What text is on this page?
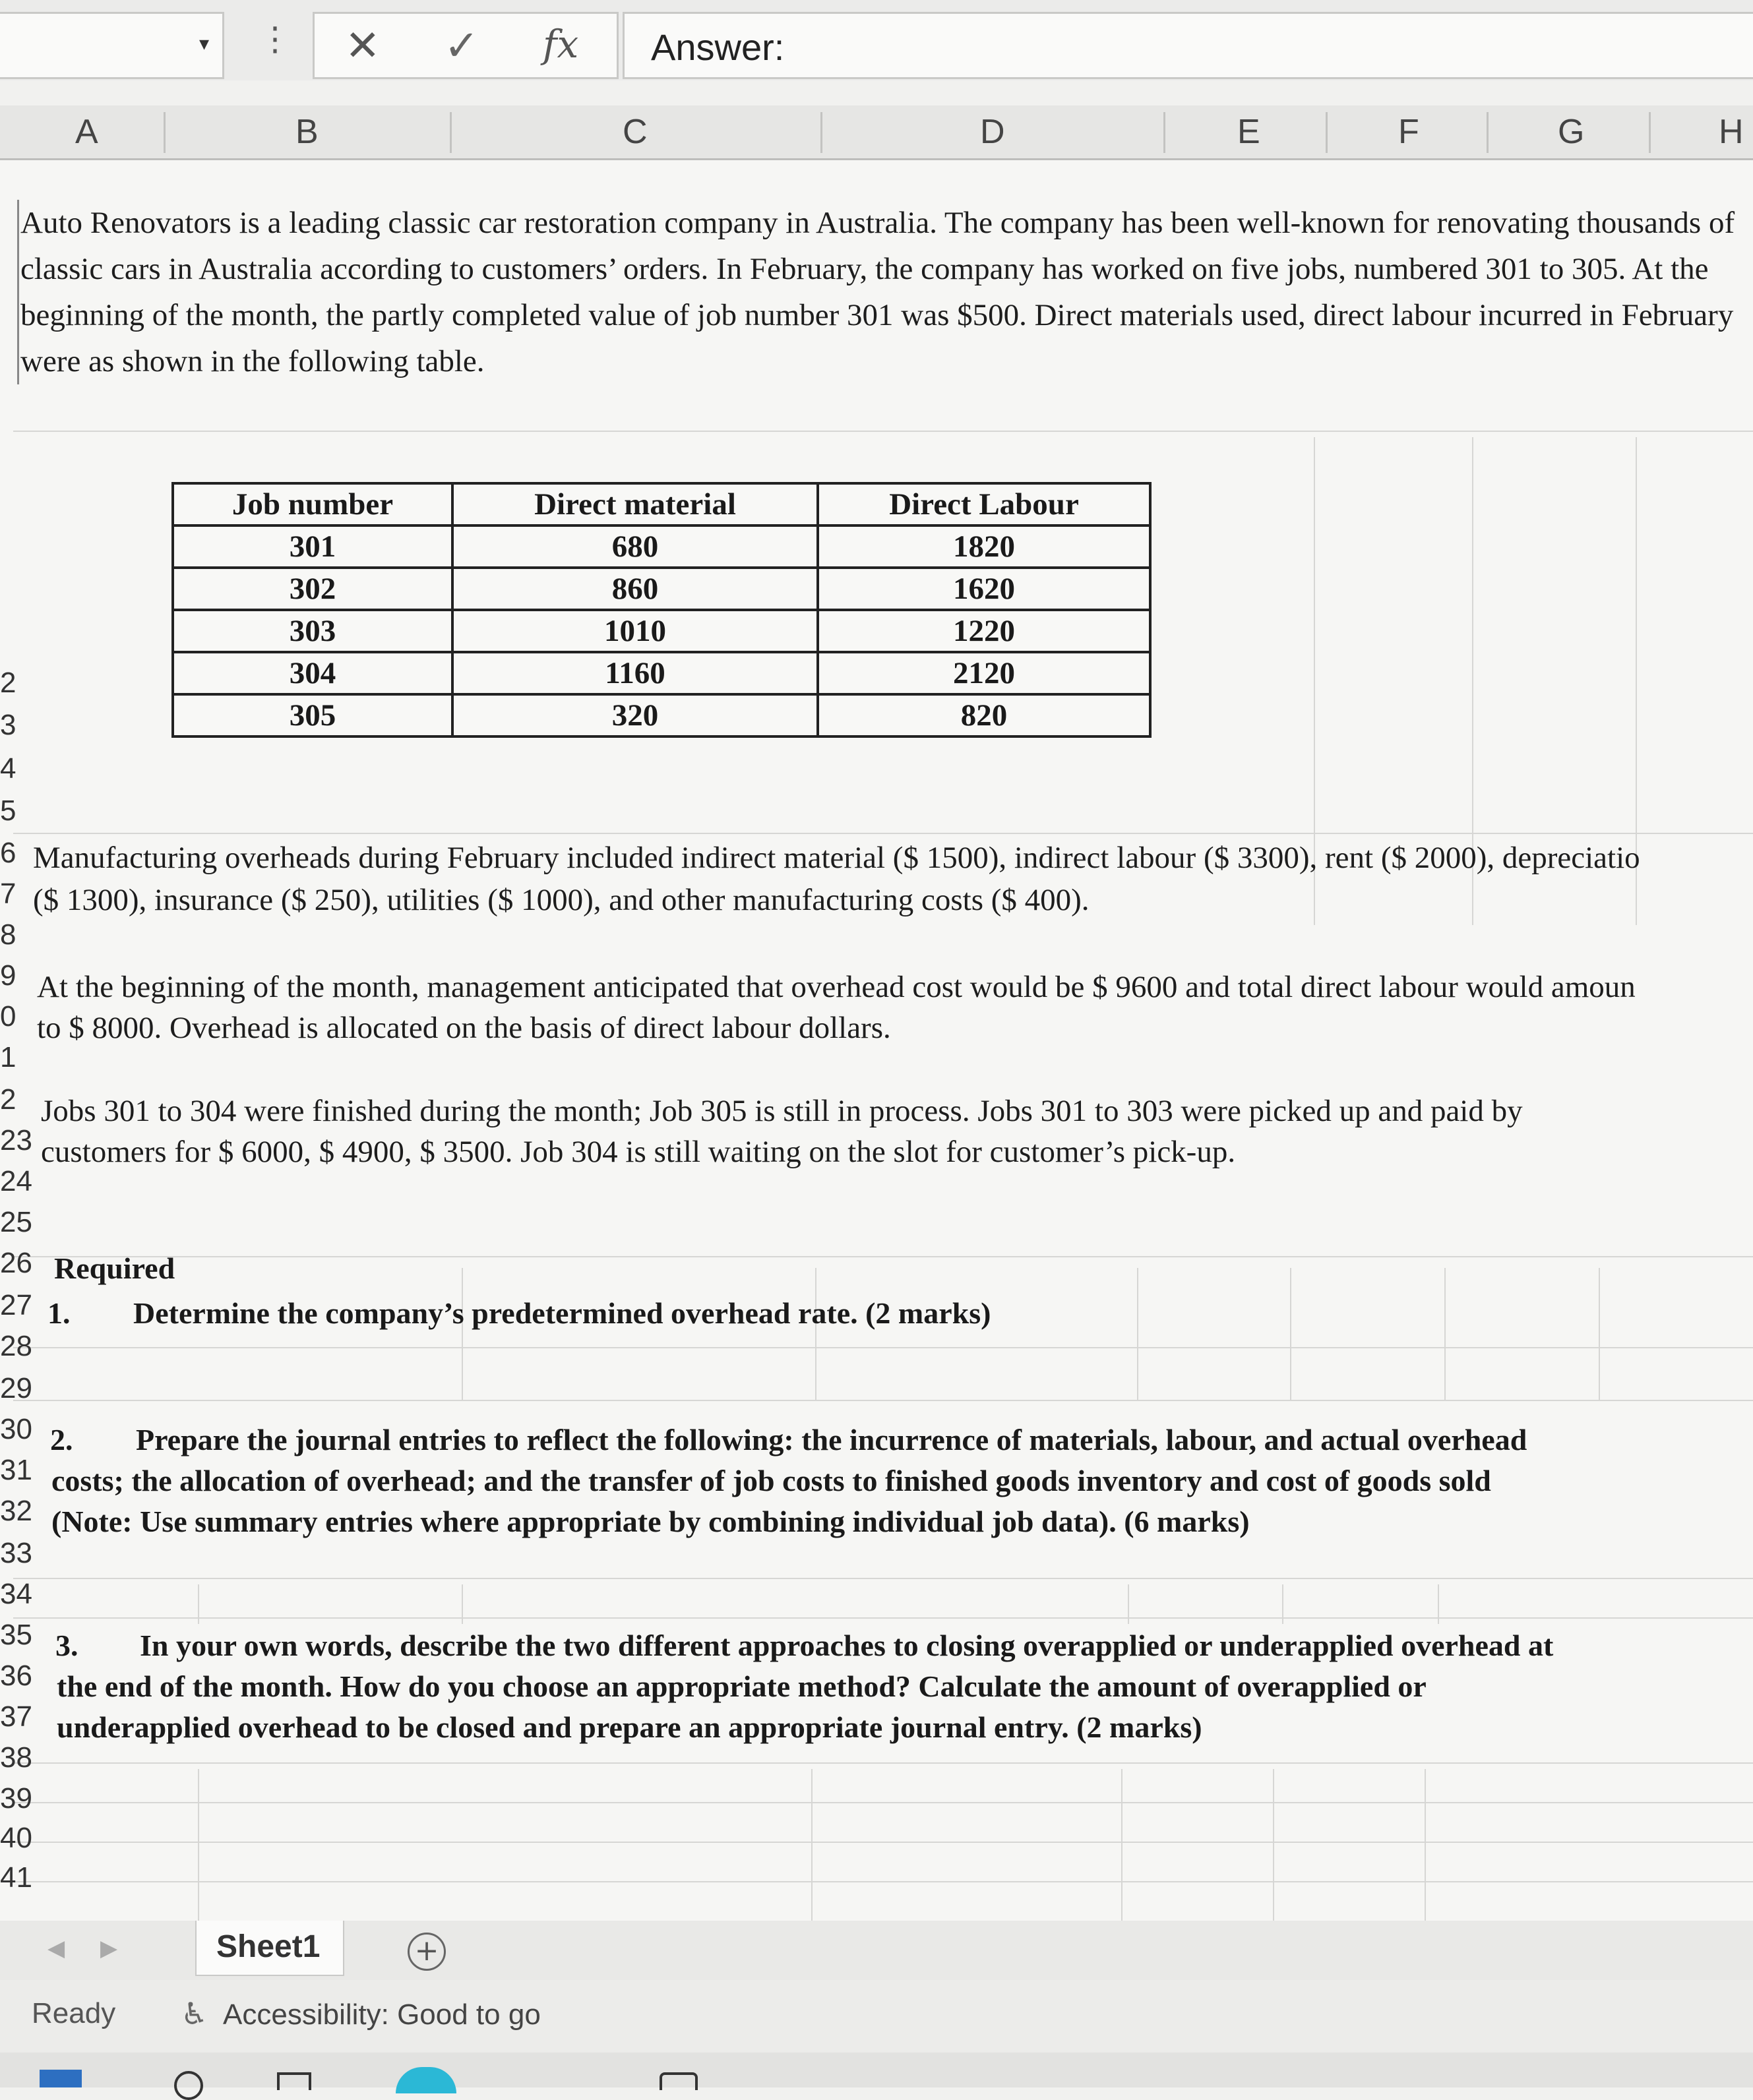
▾ ⋮ ✕ ✓ fx Answer:
A	B	C	D	E	F	G	H
Auto Renovators is a leading classic car restoration company in Australia. The company has been well-known for renovating thousands of classic cars in Australia according to customers’ orders. In February, the company has worked on five jobs, numbered 301 to 305. At the beginning of the month, the partly completed value of job number 301 was $500. Direct materials used, direct labour incurred in February were as shown in the following table.
Job number	Direct material	Direct Labour
301	680	1820
302	860	1620
303	1010	1220
304	1160	2120
305	320	820
2
3
4
5
6
7
8
9
0
1
2
23
24
25
26
27
28
29
30
31
32
33
34
35
36
37
38
39
40
41
Manufacturing overheads during February included indirect material ($ 1500), indirect labour ($ 3300), rent ($ 2000), depreciatio
($ 1300), insurance ($ 250), utilities ($ 1000), and other manufacturing costs ($ 400).
At the beginning of the month, management anticipated that overhead cost would be $ 9600 and total direct labour would amoun
to $ 8000. Overhead is allocated on the basis of direct labour dollars.
Jobs 301 to 304 were finished during the month; Job 305 is still in process. Jobs 301 to 303 were picked up and paid by
customers for $ 6000, $ 4900, $ 3500. Job 304 is still waiting on the slot for customer’s pick-up.
Required
1. Determine the company’s predetermined overhead rate. (2 marks)
2. Prepare the journal entries to reflect the following: the incurrence of materials, labour, and actual overhead
costs; the allocation of overhead; and the transfer of job costs to finished goods inventory and cost of goods sold
(Note: Use summary entries where appropriate by combining individual job data). (6 marks)
3. In your own words, describe the two different approaches to closing overapplied or underapplied overhead at
the end of the month. How do you choose an appropriate method? Calculate the amount of overapplied or
underapplied overhead to be closed and prepare an appropriate journal entry. (2 marks)
◀ ▶	Sheet1	+
Ready ♿ Accessibility: Good to go
